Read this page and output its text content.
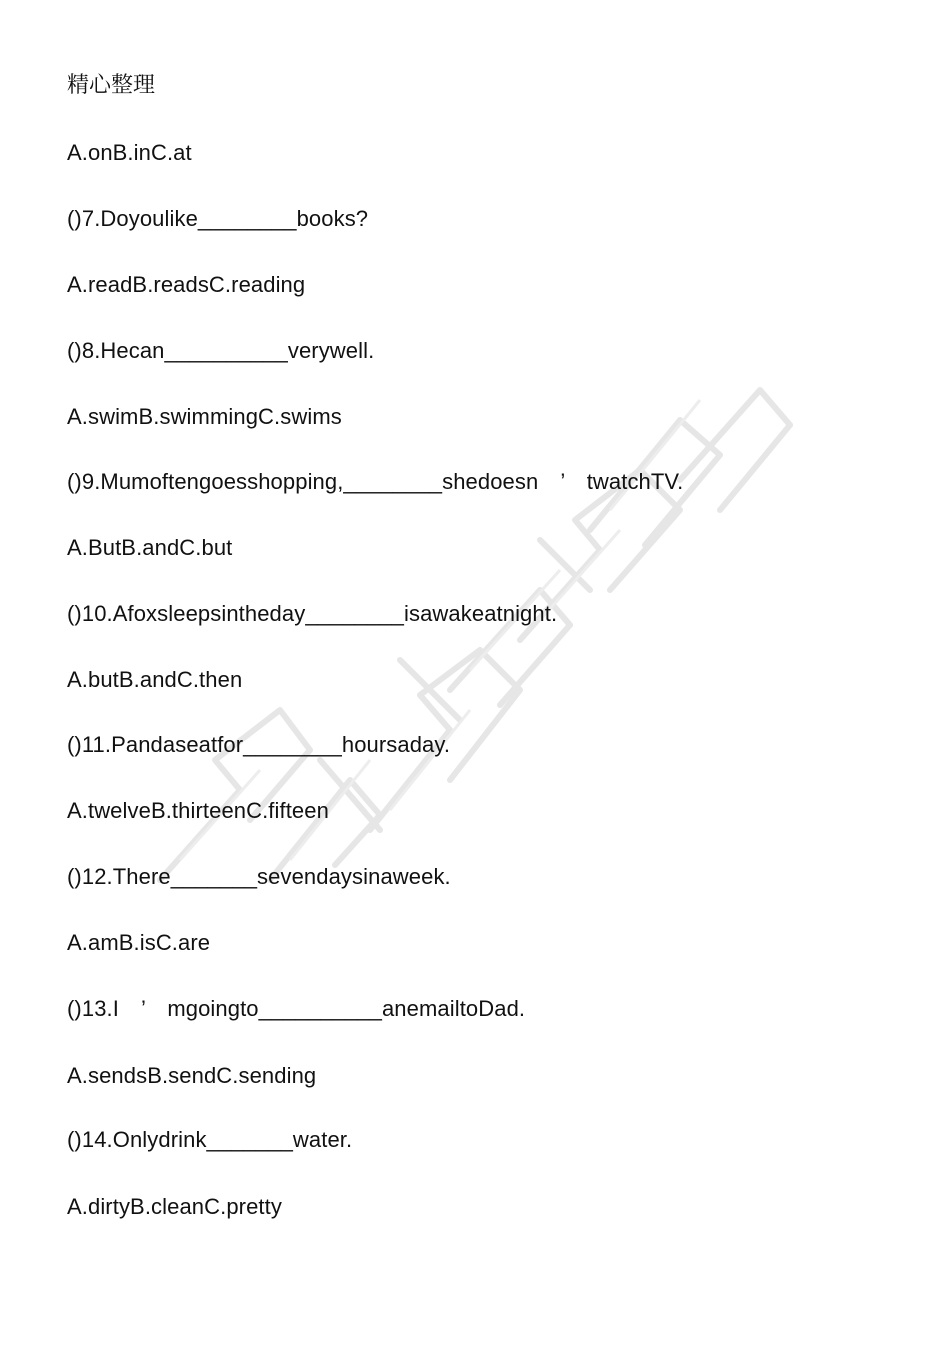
精心整理
A.onB.inC.at
()7.Doyoulike________books?
A.readB.readsC.reading
()8.Hecan__________verywell.
A.swimB.swimmingC.swims
()9.Mumoftengoesshopping,________shedoesn　’　twatchTV.
A.ButB.andC.but
()10.Afoxsleepsintheday________isawakeatnight.
A.butB.andC.then
()11.Pandaseatfor________hoursaday.
A.twelveB.thirteenC.fifteen
()12.There_______sevendaysinaweek.
A.amB.isC.are
()13.I　’　mgoingto__________anemailtoDad.
A.sendsB.sendC.sending
()14.Onlydrink_______water.
A.dirtyB.cleanC.pretty
